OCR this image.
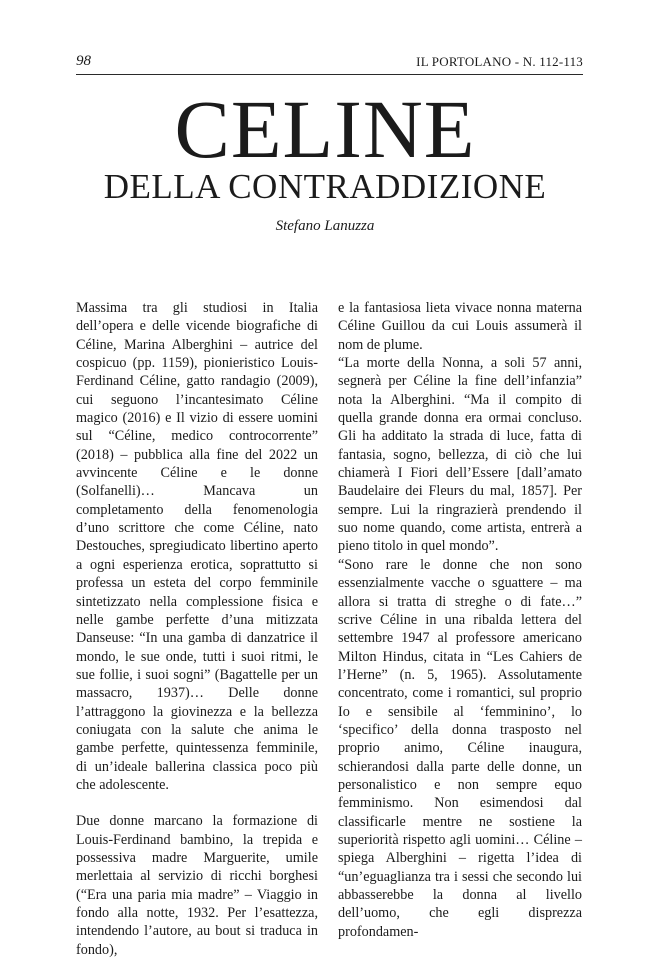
98	IL PORTOLANO - N. 112-113
CELINE
DELLA CONTRADDIZIONE
Stefano Lanuzza

Massima tra gli studiosi in Italia dell’opera e delle vicende biografiche di Céline, Marina Alberghini – autrice del cospicuo (pp. 1159), pionieristico Louis-Ferdinand Céline, gatto randagio (2009), cui seguono l’incantesimato Céline magico (2016) e Il vizio di essere uomini sul “Céline, medico controcorrente” (2018) – pubblica alla fine del 2022 un avvincente Céline e le donne (Solfanelli)… Mancava un completamento della fenomenologia d’uno scrittore che come Céline, nato Destouches, spregiudicato libertino aperto a ogni esperienza erotica, soprattutto si professa un esteta del corpo femminile sintetizzato nella complessione fisica e nelle gambe perfette d’una mitizzata Danseuse: “In una gamba di danzatrice il mondo, le sue onde, tutti i suoi ritmi, le sue follie, i suoi sogni” (Bagattelle per un massacro, 1937)… Delle donne l’attraggono la giovinezza e la bellezza coniugata con la salute che anima le gambe perfette, quintessenza femminile, di un’ideale ballerina classica poco più che adolescente.

Due donne marcano la formazione di Louis-Ferdinand bambino, la trepida e possessiva madre Marguerite, umile merlettaia al servizio di ricchi borghesi (“Era una paria mia madre” – Viaggio in fondo alla notte, 1932. Per l’esattezza, intendendo l’autore, au bout si traduca in fondo),

e la fantasiosa lieta vivace nonna materna Céline Guillou da cui Louis assumerà il nom de plume.

“La morte della Nonna, a soli 57 anni, segnerà per Céline la fine dell’infanzia” nota la Alberghini. “Ma il compito di quella grande donna era ormai concluso. Gli ha additato la strada di luce, fatta di fantasia, sogno, bellezza, di ciò che lui chiamerà I Fiori dell’Essere [dall’amato Baudelaire dei Fleurs du mal, 1857]. Per sempre. Lui la ringrazierà prendendo il suo nome quando, come artista, entrerà a pieno titolo in quel mondo”.

“Sono rare le donne che non sono essenzialmente vacche o sguattere – ma allora si tratta di streghe o di fate…” scrive Céline in una ribalda lettera del settembre 1947 al professore americano Milton Hindus, citata in “Les Cahiers de l’Herne” (n. 5, 1965). Assolutamente concentrato, come i romantici, sul proprio Io e sensibile al ‘femminino’, lo ‘specifico’ della donna trasposto nel proprio animo, Céline inaugura, schierandosi dalla parte delle donne, un personalistico e non sempre equo femminismo. Non esimendosi dal classificarle mentre ne sostiene la superiorità rispetto agli uomini… Céline – spiega Alberghini – rigetta l’idea di “un’eguaglianza tra i sessi che secondo lui abbasserebbe la donna al livello dell’uomo, che egli disprezza profondamen-
